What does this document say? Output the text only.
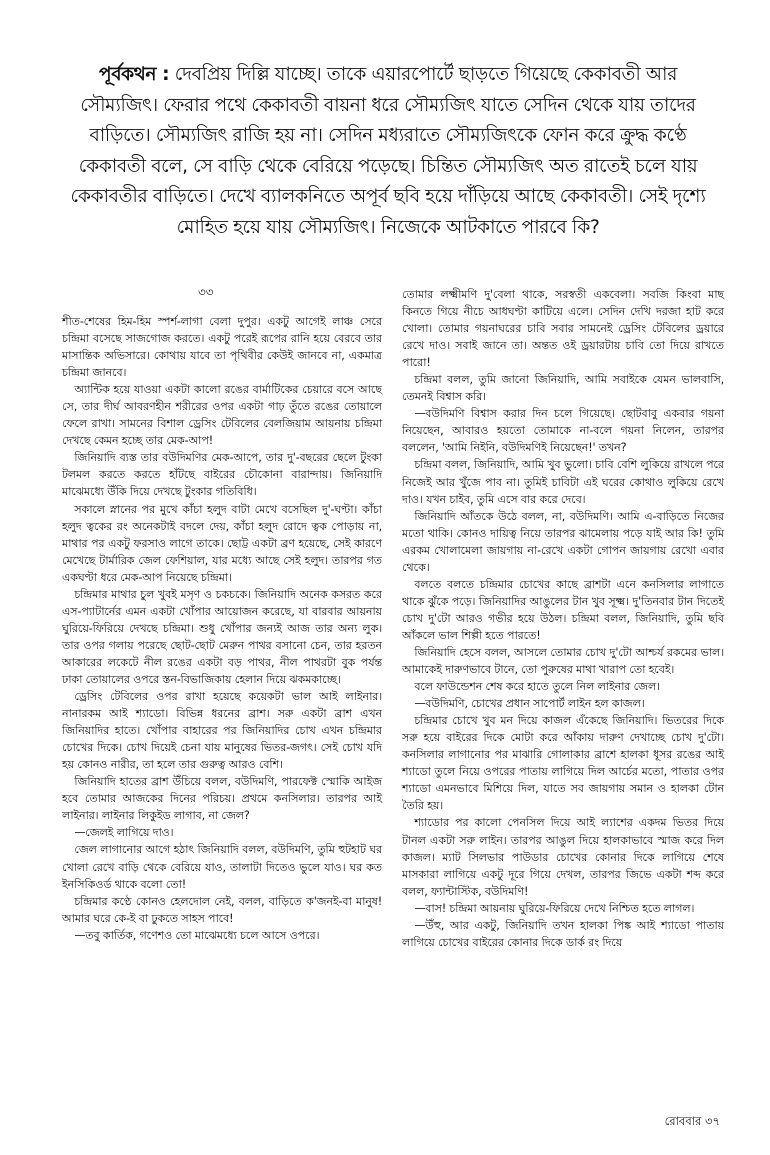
পূর্বকথন : দেবপ্রিয় দিল্লি যাচ্ছে। তাকে এয়ারপোর্টে ছাড়তে গিয়েছে কেকাবতী আর সৌম্যজিৎ। ফেরার পথে কেকাবতী বায়না ধরে সৌম্যজিৎ যাতে সেদিন থেকে যায় তাদের বাড়িতে। সৌম্যজিৎ রাজি হয় না। সেদিন মধ্যরাতে সৌম্যজিৎকে ফোন করে ক্রুদ্ধ কণ্ঠে কেকাবতী বলে, সে বাড়ি থেকে বেরিয়ে পড়েছে। চিন্তিত সৌম্যজিৎ অত রাতেই চলে যায় কেকাবতীর বাড়িতে। দেখে ব্যালকনিতে অপূর্ব ছবি হয়ে দাঁড়িয়ে আছে কেকাবতী। সেই দৃশ্যে মোহিত হয়ে যায় সৌম্যজিৎ। নিজেকে আটকাতে পারবে কি?
৩৩

শীত-শেষের হিম-হিম স্পর্শ-লাগা বেলা দুপুর। একটু আগেই লাঞ্চ সেরে চন্দ্রিমা বসেছে সাজগোজ করতে। একটু পরেই রূপের রানি হয়ে বেরবে তার মাসান্তিক অভিসারে। কোথায় যাবে তা পৃথিবীর কেউই জানবে না, একমাত্র চন্দ্রিমা জানবে।

অ্যান্টিক হয়ে যাওয়া একটা কালো রঙের বার্মাটিকের চেয়ারে বসে আছে সে, তার দীর্ঘ আবরণহীন শরীরের ওপর একটা গাঢ় তুঁতে রঙের তোয়ালে ফেলে রাখা। সামনের বিশাল ড্রেসিং টেবিলের বেলজিয়াম আয়নায় চন্দ্রিমা দেখছে কেমন হচ্ছে তার মেক-আপ!

জিনিয়াদি ব্যস্ত তার বউদিমণির মেক-আপে, তার দু'-বছরের ছেলে টুংকা টলমল করতে করতে হাঁটছে বাইরের চৌকোনা বারান্দায়। জিনিয়াদি মাঝেমধ্যে উঁকি দিয়ে দেখছে টুংকার গতিবিধি।

সকালে স্নানের পর মুখে কাঁচা হলুদ বাটা মেখে বসেছিল দু'-ঘণ্টা। কাঁচা হলুদ ত্বকের রং অনেকটাই বদলে দেয়, কাঁচা হলুদ রোদে ত্বক পোড়ায় না, মাথার পর একটু ফরসাও লাগে তাকে। ছোট্ট একটা ব্রণ হয়েছে, সেই কারণে মেখেছে টার্মারিক জেল ফেশিয়াল, যার মধ্যে আছে সেই হলুদ। তারপর গত একঘণ্টা ধরে মেক-আপ নিয়েছে চন্দ্রিমা।

চন্দ্রিমার মাথার চুল খুবই মসৃণ ও চকচকে। জিনিয়াদি অনেক কসরত করে এস-প্যাটার্নের এমন একটা খোঁপার আয়োজন করেছে, যা বারবার আয়নায় ঘুরিয়ে-ফিরিয়ে দেখছে চন্দ্রিমা। শুধু খোঁপার জন্যই আজ তার অন্য লুক। তার ওপর গলায় পরেছে ছোট-ছোট মেরুন পাথর বসানো চেন, তার হরতন আকারের লকেটে নীল রঙের একটা বড় পাথর, নীল পাথরটা বুক পর্যন্ত ঢাকা তোয়ালের ওপরে স্তন-বিভাজিকায় হেলান দিয়ে ঝকমকাচ্ছে।

ড্রেসিং টেবিলের ওপর রাখা হয়েছে কয়েকটা ভাল আই লাইনার। নানারকম আই শ্যাডো। বিভিন্ন ধরনের ব্রাশ। সরু একটা ব্রাশ এখন জিনিয়াদির হাতে। খোঁপার বাহারের পর জিনিয়াদির চোখ এখন চন্দ্রিমার চোখের দিকে। চোখ দিয়েই চেনা যায় মানুষের ভিতর-জগৎ। সেই চোখ যদি হয় কোনও নারীর, তা হলে তার গুরুত্ব আরও বেশি।

জিনিয়াদি হাতের ব্রাশ উঁচিয়ে বলল, বউদিমণি, পারফেক্ট স্মোকি আইজ হবে তোমার আজকের দিনের পরিচয়। প্রথমে কনসিলার। তারপর আই লাইনার। লাইনার লিকুইড লাগাব, না জেল?

—জেলই লাগিয়ে দাও।

জেল লাগানোর আগে হঠাৎ জিনিয়াদি বলল, বউদিমণি, তুমি হুটহাট ঘর খোলা রেখে বাড়ি থেকে বেরিয়ে যাও, তালাটা দিতেও ভুলে যাও। ঘর কত ইনসিকিওর্ড থাকে বলো তো!

চন্দ্রিমার কণ্ঠে কোনও হেলদোল নেই, বলল, বাড়িতে ক'জনই-বা মানুষ! আমার ঘরে কে-ই বা ঢুকতে সাহস পাবে!

—তবু কার্তিক, গণেশও তো মাঝেমধ্যে চলে আসে ওপরে।

তোমার লক্ষ্মীমণি দু'বেলা থাকে, সরস্বতী একবেলা। সবজি কিংবা মাছ কিনতে গিয়ে নীচে আধঘণ্টা কাটিয়ে এলে। সেদিন দেখি দরজা হাট করে খোলা। তোমার গয়নাঘরের চাবি সবার সামনেই ড্রেসিং টেবিলের ড্রয়ারে রেখে দাও। সবাই জানে তা। অন্তত ওই ড্রয়ারটায় চাবি তো দিয়ে রাখতে পারো!

চন্দ্রিমা বলল, তুমি জানো জিনিয়াদি, আমি সবাইকে যেমন ভালবাসি, তেমনই বিশ্বাস করি।

—বউদিমণি বিশ্বাস করার দিন চলে গিয়েছে। ছোটবাবু একবার গয়না নিয়েছেন, আবারও হয়তো তোমাকে না-বলে গয়না নিলেন, তারপর বললেন, 'আমি নিইনি, বউদিমণিই নিয়েছেন!' তখন?

চন্দ্রিমা বলল, জিনিয়াদি, আমি খুব ভুলো। চাবি বেশি লুকিয়ে রাখলে পরে নিজেই আর খুঁজে পাব না। তুমিই চাবিটা এই ঘরের কোথাও লুকিয়ে রেখে দাও। যখন চাইব, তুমি এসে বার করে দেবে।

জিনিয়াদি আঁতকে উঠে বলল, না, বউদিমণি। আমি এ-বাড়িতে নিজের মতো থাকি। কোনও দায়িত্ব নিয়ে তারপর ঝামেলায় পড়ে যাই আর কি! তুমি এরকম খোলামেলা জায়গায় না-রেখে একটা গোপন জায়গায় রেখো এবার থেকে।

বলতে বলতে চন্দ্রিমার চোখের কাছে ব্রাশটা এনে কনসিলার লাগাতে থাকে ঝুঁকে পড়ে। জিনিয়াদির আঙুলের টান খুব সূক্ষ্ম। দু'তিনবার টান দিতেই চোখ দু'টো আরও গভীর হয়ে উঠল। চন্দ্রিমা বলল, জিনিয়াদি, তুমি ছবি আঁকলে ভাল শিল্পী হতে পারতে!

জিনিয়াদি হেসে বলল, আসলে তোমার চোখ দু'টো আশ্চর্য রকমের ভাল। আমাকেই দারুণভাবে টানে, তো পুরুষের মাথা খারাপ তো হবেই।

বলে ফাউন্ডেশন শেষ করে হাতে তুলে নিল লাইনার জেল।

—বউদিমণি, চোখের প্রধান সাপোর্ট লাইন হল কাজল।

চন্দ্রিমার চোখে খুব মন দিয়ে কাজল এঁকেছে জিনিয়াদি। ভিতরের দিকে সরু হয়ে বাইরের দিকে মোটা করে আঁকায় দারুণ দেখাচ্ছে চোখ দু'টো। কনসিলার লাগানোর পর মাঝারি গোলাকার ব্রাশে হালকা ধূসর রঙের আই শ্যাডো তুলে নিয়ে ওপরের পাতায় লাগিয়ে দিল আর্চের মতো, পাতার ওপর শ্যাডো এমনভাবে মিশিয়ে দিল, যাতে সব জায়গায় সমান ও হালকা টোন তৈরি হয়।

শ্যাডোর পর কালো পেনসিল দিয়ে আই ল্যাশের একদম ভিতর দিয়ে টানল একটা সরু লাইন। তারপর আঙুল দিয়ে হালকাভাবে স্মাজ করে দিল কাজল। ম্যাট সিলভার পাউডার চোখের কোনার দিকে লাগিয়ে শেষে মাসকারা লাগিয়ে একটু দূরে গিয়ে দেখল, তারপর জিভে একটা শব্দ করে বলল, ফ্যান্টাস্টিক, বউদিমণি!

—বাস! চন্দ্রিমা আয়নায় ঘুরিয়ে-ফিরিয়ে দেখে নিশ্চিত হতে লাগল।

—উঁহু, আর একটু, জিনিয়াদি তখন হালকা পিঙ্ক আই শ্যাডো পাতায় লাগিয়ে চোখের বাইরের কোনার দিকে ডার্ক রং দিয়ে

রোববার ৩৭
